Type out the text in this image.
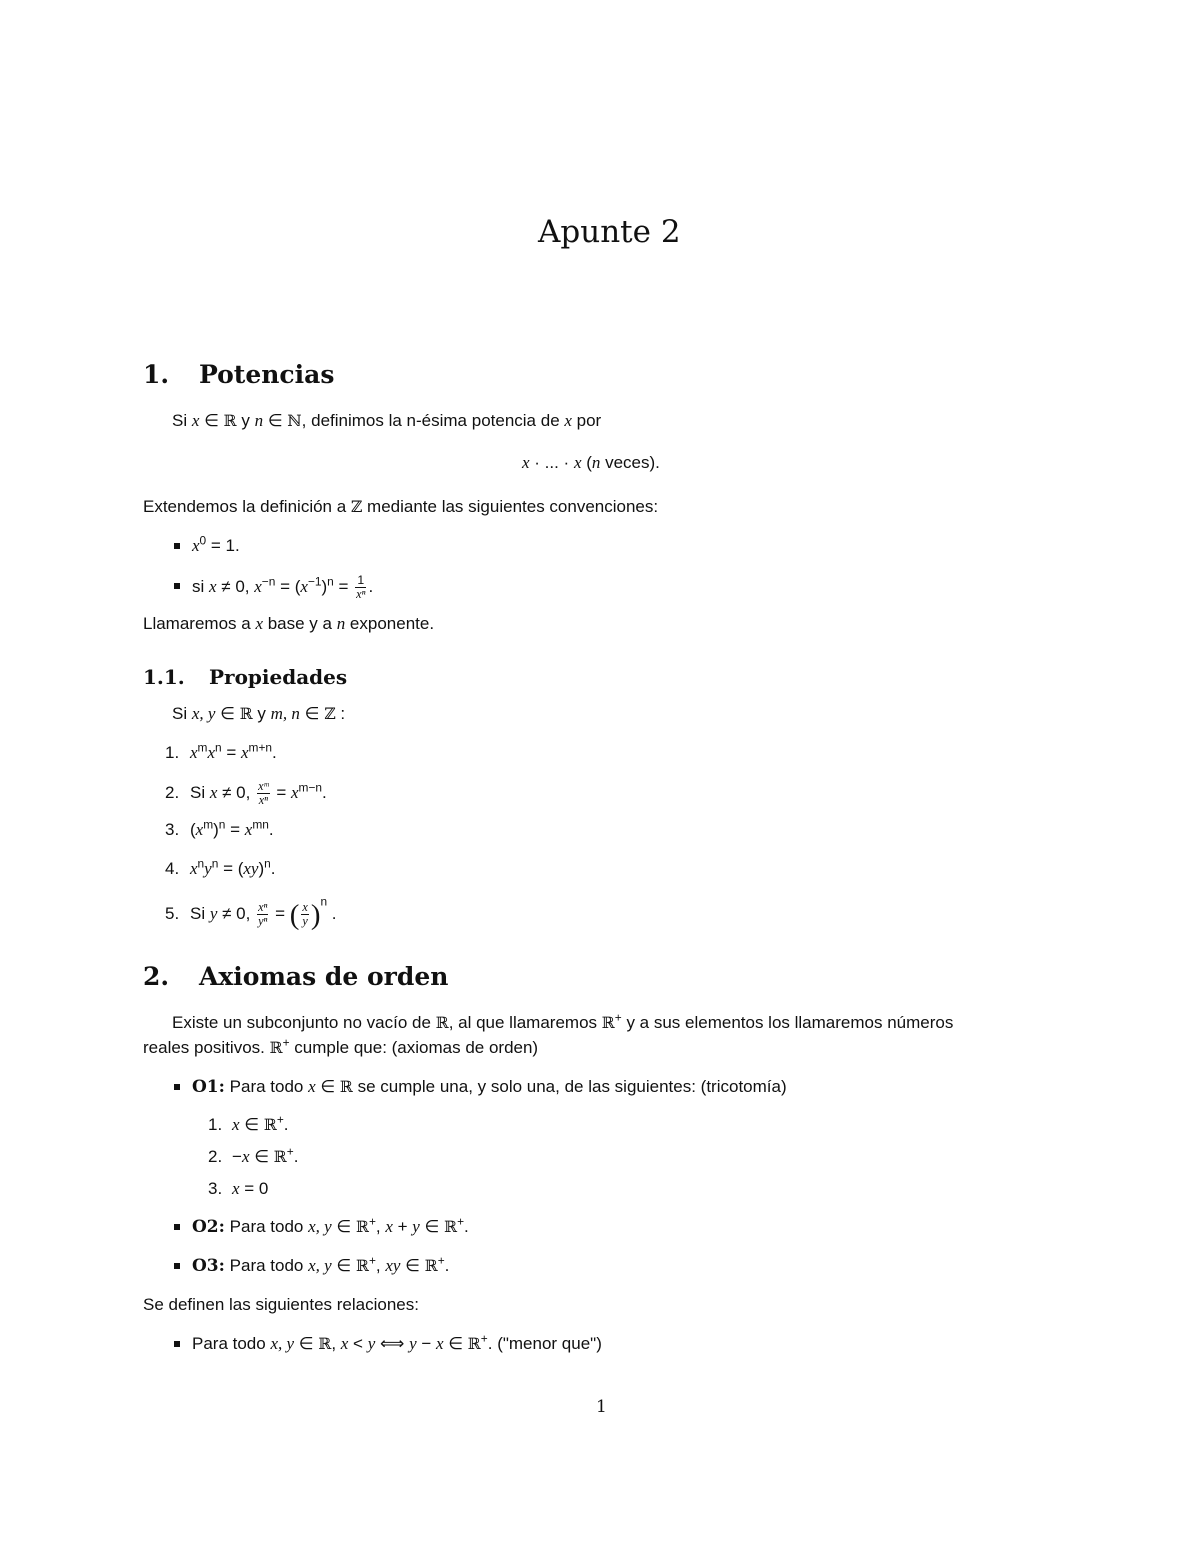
Apunte 2
1. Potencias
Si x ∈ ℝ y n ∈ ℕ, definimos la n-ésima potencia de x por
x · ... · x (n veces).
Extendemos la definición a ℤ mediante las siguientes convenciones:
$x^0 = 1$.
si x ≠ 0, $x^{-n} = (x^{-1})^n = \frac{1}{\text{xⁿ}}$ .
Llamaremos a x base y a n exponente.
1.1. Propiedades
Si x, y ∈ ℝ y m, n ∈ ℤ :
1. $x^mx^n = x^{m+n}$.
2. Si x ≠ 0, $\frac{\text{xᵐ}}{\text{xⁿ}} = x^{m-n}$.
3. $(x^m)^n = x^{mn}$.
4. $x^ny^n = (xy)^n$.
5. Si y ≠ 0, $\frac{\text{xⁿ}}{\text{yⁿ}}$ = ( $\frac{x}{y} )^n$ .
2. Axiomas de orden
Existe un subconjunto no vacío de ℝ, al que llamaremos ℝ+ y a sus elementos los llamaremos números
reales positivos. ℝ+ cumple que: (axiomas de orden)
O1: Para todo x ∈ ℝ se cumple una, y solo una, de las siguientes: (tricotomía)
1. x ∈ ℝ+.
2. −x ∈ ℝ+.
3. x = 0
O2: Para todo x, y ∈ ℝ+, x + y ∈ ℝ+.
O3: Para todo x, y ∈ ℝ+, xy ∈ ℝ+.
Se definen las siguientes relaciones:
Para todo x, y ∈ ℝ, x < y ⟺ y − x ∈ ℝ+. ("menor que")
1
